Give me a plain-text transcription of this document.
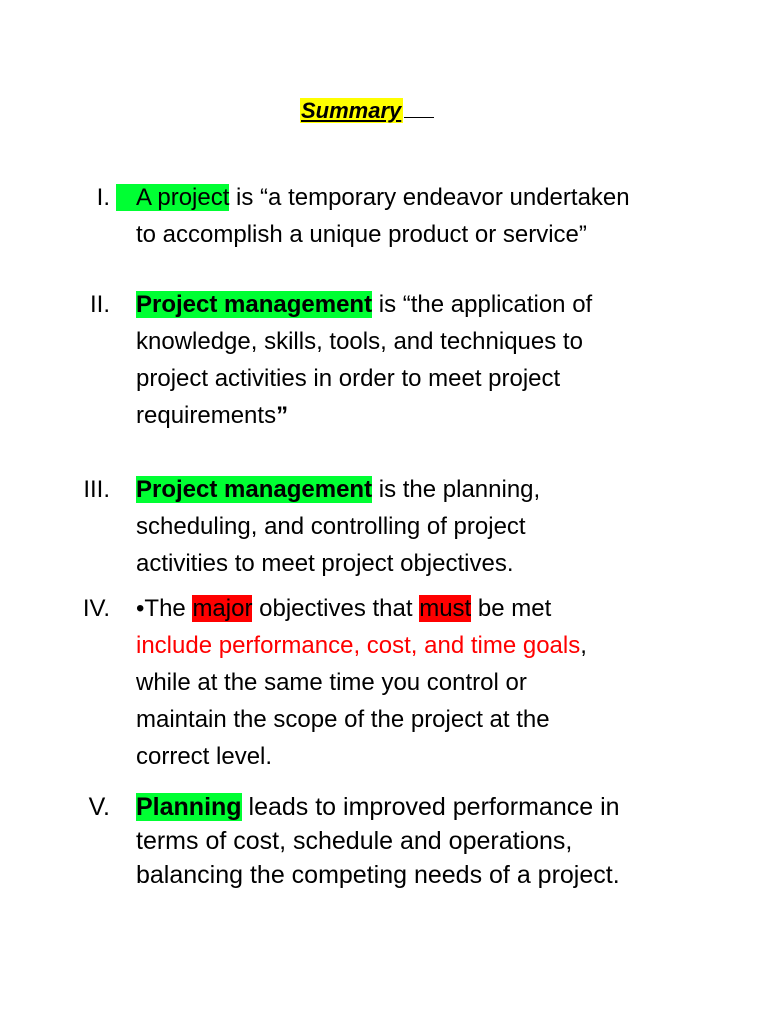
Summary
I.	A project is “a temporary endeavor undertaken
to accomplish a unique product or service”
II. Project management is “the application of
knowledge, skills, tools, and techniques to
project activities in order to meet project
requirements”
III. Project management is the planning,
scheduling, and controlling of project
activities to meet project objectives.
IV. •The major objectives that must be met
include performance, cost, and time goals,
while at the same time you control or
maintain the scope of the project at the
correct level.
V. Planning leads to improved performance in
terms of cost, schedule and operations,
balancing the competing needs of a project.
